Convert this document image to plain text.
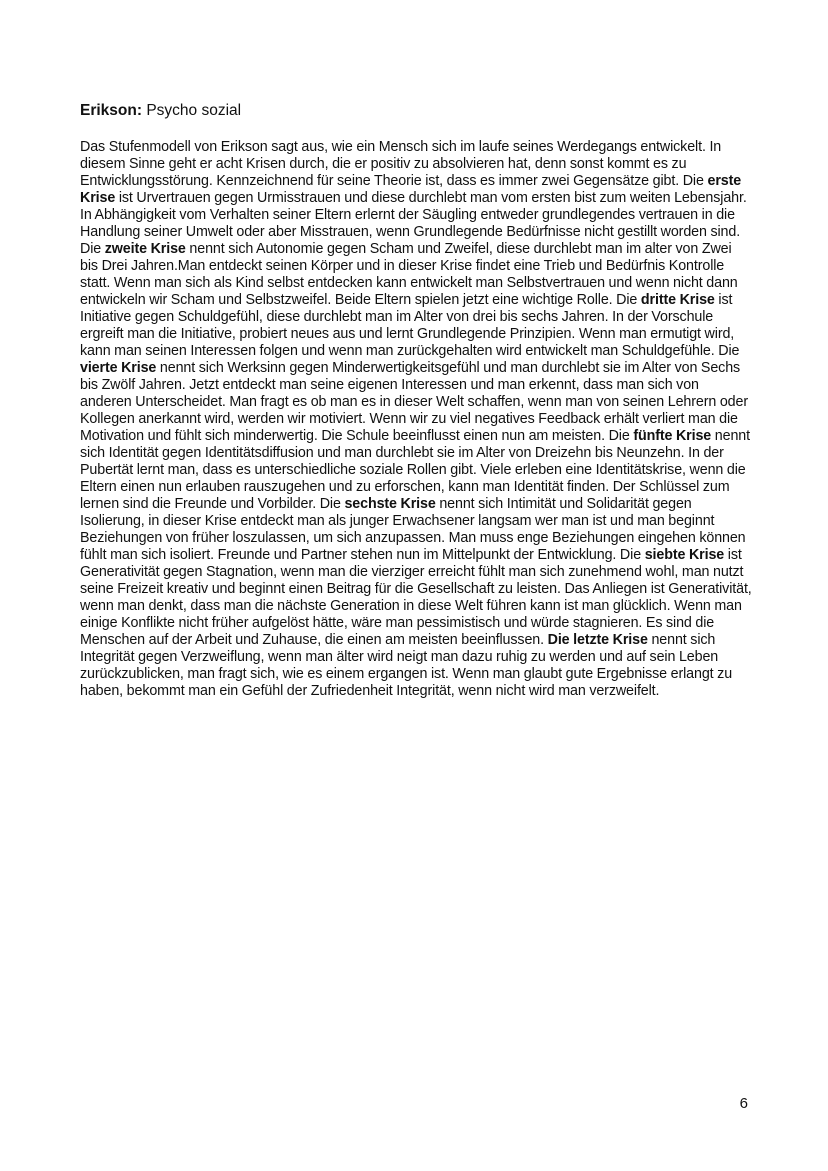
Erikson: Psycho sozial

Das Stufenmodell von Erikson sagt aus, wie ein Mensch sich im laufe seines Werdegangs entwickelt. In diesem Sinne geht er acht Krisen durch, die er positiv zu absolvieren hat, denn sonst kommt es zu Entwicklungsstörung. Kennzeichnend für seine Theorie ist, dass es immer zwei Gegensätze gibt. Die erste Krise ist Urvertrauen gegen Urmisstrauen und diese durchlebt man vom ersten bist zum weiten Lebensjahr. In Abhängigkeit vom Verhalten seiner Eltern erlernt der Säugling entweder grundlegendes vertrauen in die Handlung seiner Umwelt oder aber Misstrauen, wenn Grundlegende Bedürfnisse nicht gestillt worden sind. Die zweite Krise nennt sich Autonomie gegen Scham und Zweifel, diese durchlebt man im alter von Zwei bis Drei Jahren.Man entdeckt seinen Körper und in dieser Krise findet eine Trieb und Bedürfnis Kontrolle statt. Wenn man sich als Kind selbst entdecken kann entwickelt man Selbstvertrauen und wenn nicht dann entwickeln wir Scham und Selbstzweifel. Beide Eltern spielen jetzt eine wichtige Rolle. Die dritte Krise ist Initiative gegen Schuldgefühl, diese durchlebt man im Alter von drei bis sechs Jahren. In der Vorschule ergreift man die Initiative, probiert neues aus und lernt Grundlegende Prinzipien. Wenn man ermutigt wird, kann man seinen Interessen folgen und wenn man zurückgehalten wird entwickelt man Schuldgefühle. Die vierte Krise nennt sich Werksinn gegen Minderwertigkeitsgefühl und man durchlebt sie im Alter von Sechs bis Zwölf Jahren. Jetzt entdeckt man seine eigenen Interessen und man erkennt, dass man sich von anderen Unterscheidet. Man fragt es ob man es in dieser Welt schaffen, wenn man von seinen Lehrern oder Kollegen anerkannt wird, werden wir motiviert. Wenn wir zu viel negatives Feedback erhält verliert man die Motivation und fühlt sich minderwertig. Die Schule beeinflusst einen nun am meisten. Die fünfte Krise nennt sich Identität gegen Identitätsdiffusion und man durchlebt sie im Alter von Dreizehn bis Neunzehn. In der Pubertät lernt man, dass es unterschiedliche soziale Rollen gibt. Viele erleben eine Identitätskrise, wenn die Eltern einen nun erlauben rauszugehen und zu erforschen, kann man Identität finden. Der Schlüssel zum lernen sind die Freunde und Vorbilder. Die sechste Krise nennt sich Intimität und Solidarität gegen Isolierung, in dieser Krise entdeckt man als junger Erwachsener langsam wer man ist und man beginnt Beziehungen von früher loszulassen, um sich anzupassen. Man muss enge Beziehungen eingehen können fühlt man sich isoliert. Freunde und Partner stehen nun im Mittelpunkt der Entwicklung. Die siebte Krise ist Generativität gegen Stagnation, wenn man die vierziger erreicht fühlt man sich zunehmend wohl, man nutzt seine Freizeit kreativ und beginnt einen Beitrag für die Gesellschaft zu leisten. Das Anliegen ist Generativität, wenn man denkt, dass man die nächste Generation in diese Welt führen kann ist man glücklich. Wenn man einige Konflikte nicht früher aufgelöst hätte, wäre man pessimistisch und würde stagnieren. Es sind die Menschen auf der Arbeit und Zuhause, die einen am meisten beeinflussen. Die letzte Krise nennt sich Integrität gegen Verzweiflung, wenn man älter wird neigt man dazu ruhig zu werden und auf sein Leben zurückzublicken, man fragt sich, wie es einem ergangen ist. Wenn man glaubt gute Ergebnisse erlangt zu haben, bekommt man ein Gefühl der Zufriedenheit Integrität, wenn nicht wird man verzweifelt.

6
